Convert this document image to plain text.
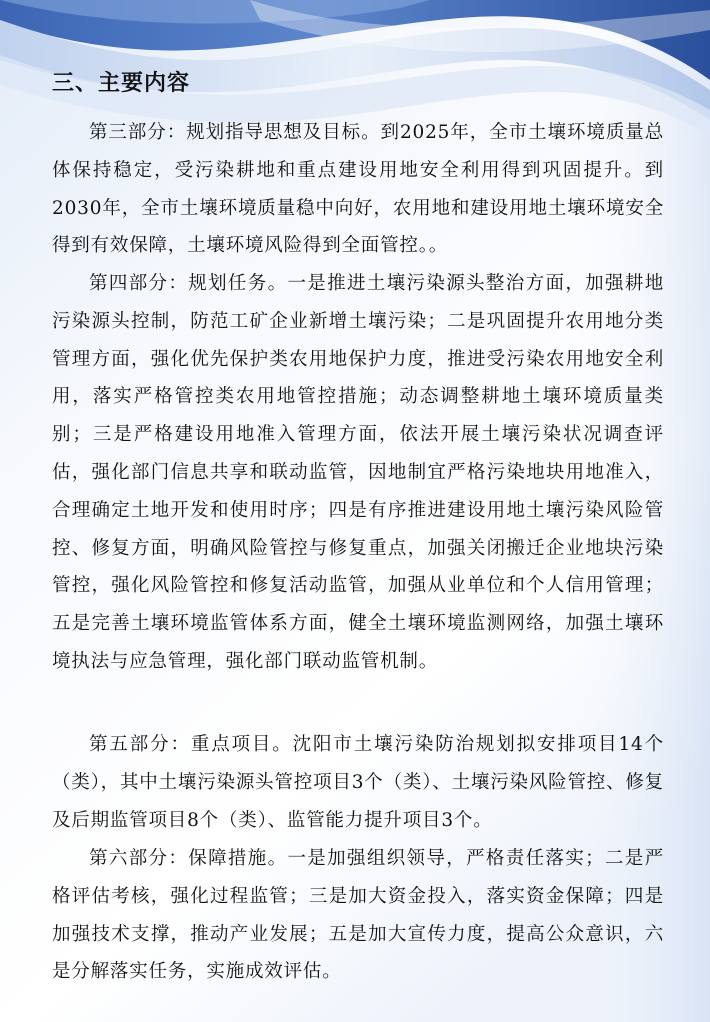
三、主要内容

第三部分：规划指导思想及目标。到2025年，全市土壤环境质量总体保持稳定，受污染耕地和重点建设用地安全利用得到巩固提升。到2030年，全市土壤环境质量稳中向好，农用地和建设用地土壤环境安全得到有效保障，土壤环境风险得到全面管控。。

第四部分：规划任务。一是推进土壤污染源头整治方面，加强耕地污染源头控制，防范工矿企业新增土壤污染；二是巩固提升农用地分类管理方面，强化优先保护类农用地保护力度，推进受污染农用地安全利用，落实严格管控类农用地管控措施；动态调整耕地土壤环境质量类别；三是严格建设用地准入管理方面，依法开展土壤污染状况调查评估，强化部门信息共享和联动监管，因地制宜严格污染地块用地准入，合理确定土地开发和使用时序；四是有序推进建设用地土壤污染风险管控、修复方面，明确风险管控与修复重点，加强关闭搬迁企业地块污染管控，强化风险管控和修复活动监管，加强从业单位和个人信用管理；五是完善土壤环境监管体系方面，健全土壤环境监测网络，加强土壤环境执法与应急管理，强化部门联动监管机制。

第五部分：重点项目。沈阳市土壤污染防治规划拟安排项目14个（类），其中土壤污染源头管控项目3个（类）、土壤污染风险管控、修复及后期监管项目8个（类）、监管能力提升项目3个。

第六部分：保障措施。一是加强组织领导，严格责任落实；二是严格评估考核，强化过程监管；三是加大资金投入，落实资金保障；四是加强技术支撑，推动产业发展；五是加大宣传力度，提高公众意识，六是分解落实任务，实施成效评估。
